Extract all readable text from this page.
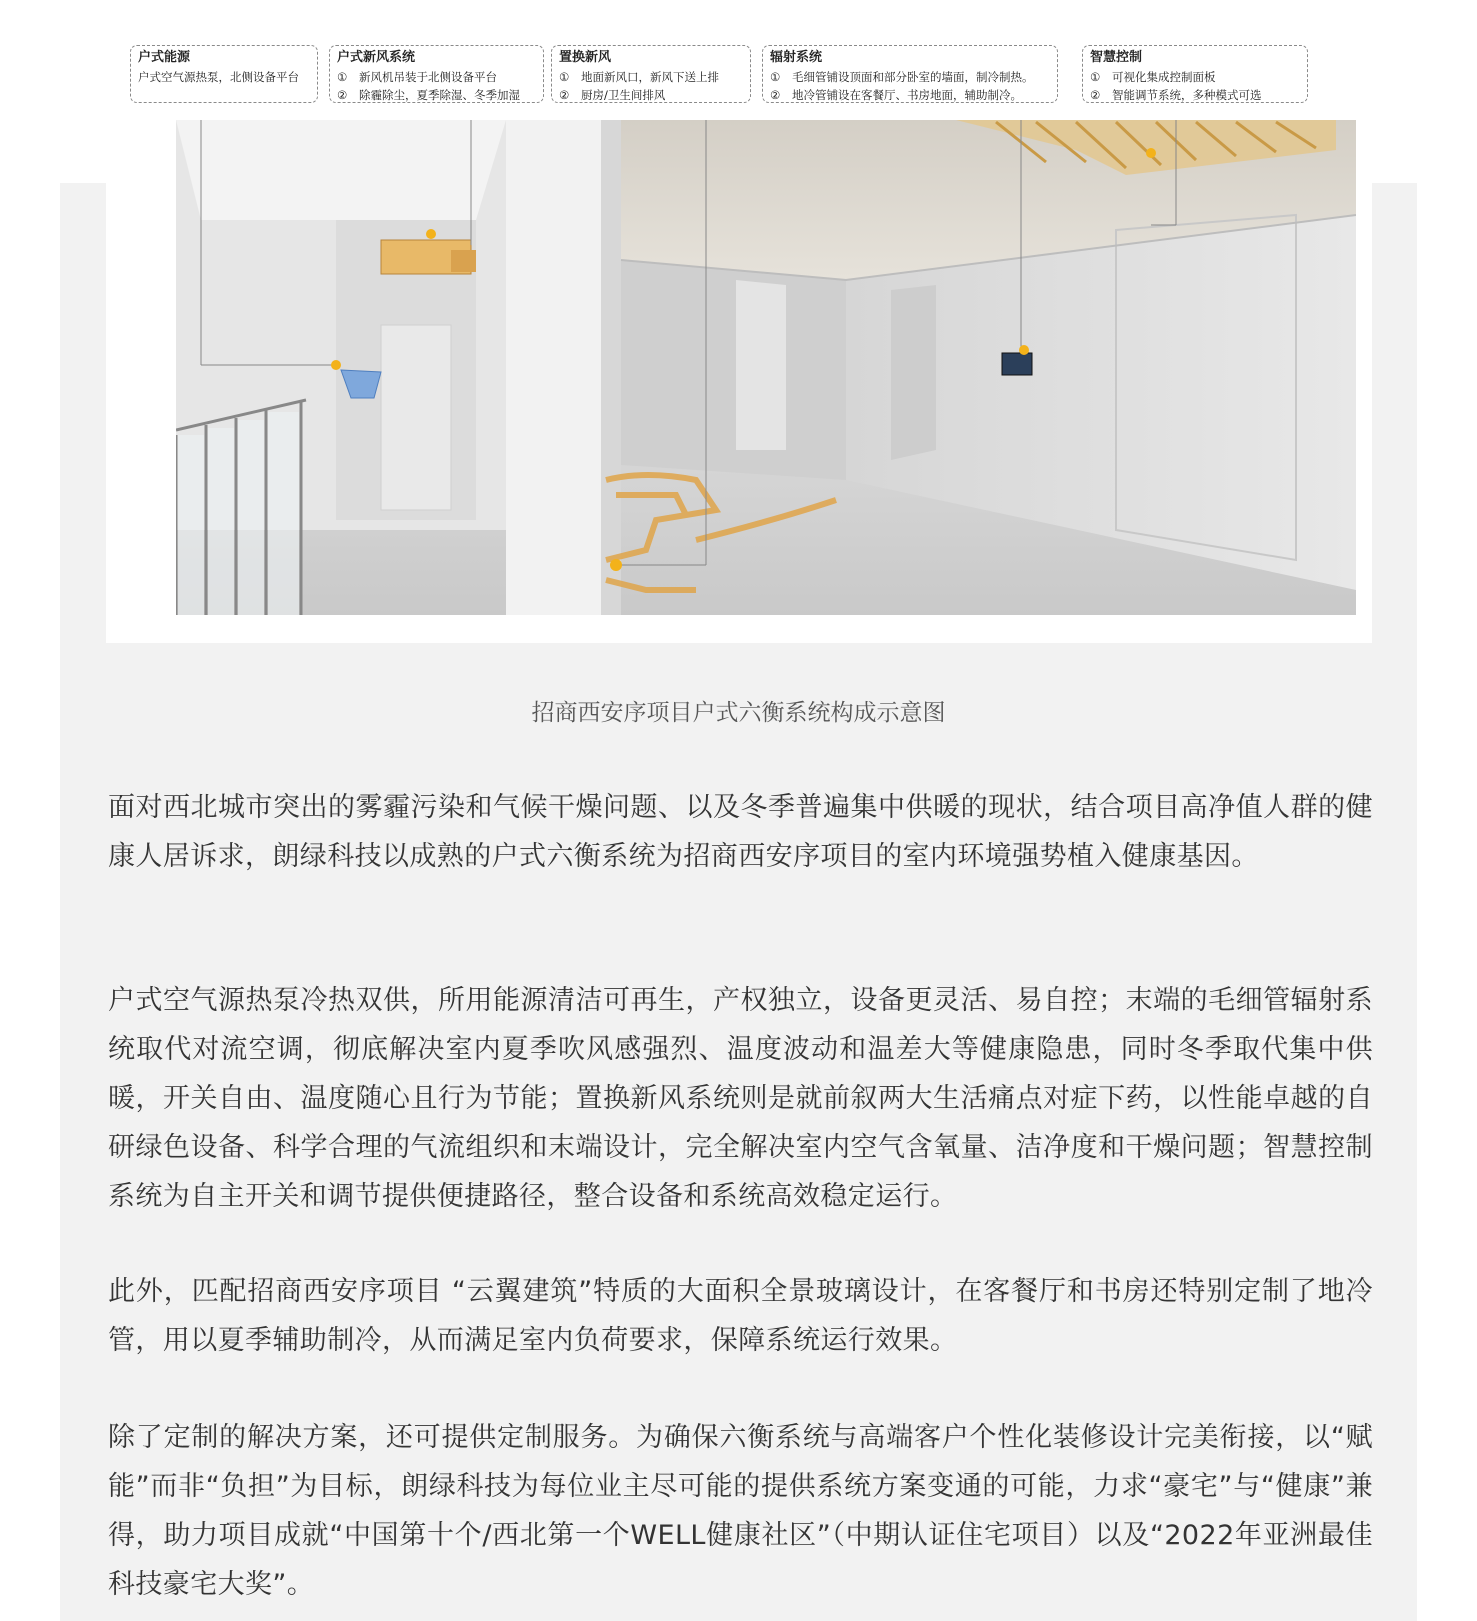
户式能源
户式空气源热泵，北侧设备平台
户式新风系统
① 新风机吊装于北侧设备平台
② 除霾除尘，夏季除湿、冬季加湿
置换新风
① 地面新风口，新风下送上排
② 厨房/卫生间排风
辐射系统
① 毛细管铺设顶面和部分卧室的墙面，制冷制热。
② 地冷管铺设在客餐厅、书房地面，辅助制冷。
智慧控制
① 可视化集成控制面板
② 智能调节系统，多种模式可选
招商西安序项目户式六衡系统构成示意图

面对西北城市突出的雾霾污染和气候干燥问题、以及冬季普遍集中供暖的现状，结合项目高净值人群的健康人居诉求，朗绿科技以成熟的户式六衡系统为招商西安序项目的室内环境强势植入健康基因。

户式空气源热泵冷热双供，所用能源清洁可再生，产权独立，设备更灵活、易自控；末端的毛细管辐射系统取代对流空调，彻底解决室内夏季吹风感强烈、温度波动和温差大等健康隐患，同时冬季取代集中供暖，开关自由、温度随心且行为节能；置换新风系统则是就前叙两大生活痛点对症下药，以性能卓越的自研绿色设备、科学合理的气流组织和末端设计，完全解决室内空气含氧量、洁净度和干燥问题；智慧控制系统为自主开关和调节提供便捷路径，整合设备和系统高效稳定运行。

此外，匹配招商西安序项目 “云翼建筑”特质的大面积全景玻璃设计，在客餐厅和书房还特别定制了地冷管，用以夏季辅助制冷，从而满足室内负荷要求，保障系统运行效果。

除了定制的解决方案，还可提供定制服务。为确保六衡系统与高端客户个性化装修设计完美衔接，以“赋能”而非“负担”为目标，朗绿科技为每位业主尽可能的提供系统方案变通的可能，力求“豪宅”与“健康”兼得，助力项目成就“中国第十个/西北第一个WELL健康社区”（中期认证住宅项目）以及“2022年亚洲最佳科技豪宅大奖”。
